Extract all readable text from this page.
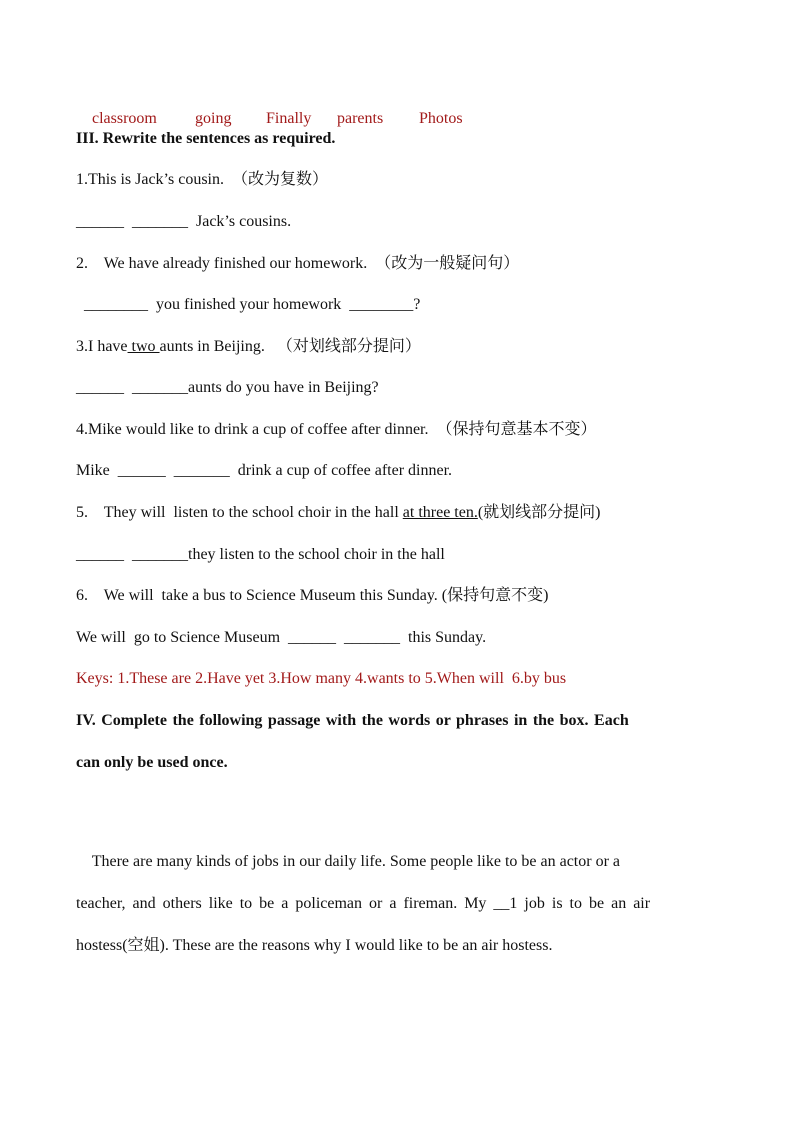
classroom going Finally parents Photos

III. Rewrite the sentences as required.
1.This is Jack’s cousin.  （改为复数）
______  _______  Jack’s cousins.
2.    We have already finished our homework.  （改为一般疑问句）
________  you finished your homework  ________?
3.I have two aunts in Beijing.   （对划线部分提问）
______  _______aunts do you have in Beijing?
4.Mike would like to drink a cup of coffee after dinner.  （保持句意基本不变）
Mike  ______  _______  drink a cup of coffee after dinner.
5.    They will  listen to the school choir in the hall at three ten.(就划线部分提问)
______  _______they listen to the school choir in the hall
6.    We will  take a bus to Science Museum this Sunday. (保持句意不变)
We will  go to Science Museum  ______  _______  this Sunday.
Keys: 1.These are 2.Have yet 3.How many 4.wants to 5.When will  6.by bus
IV. Complete the following passage with the words or phrases in the box. Each
can only be used once.
There are many kinds of jobs in our daily life. Some people like to be an actor or a
teacher, and others like to be a policeman or a fireman. My __1 job is to be an air
hostess(空姐). These are the reasons why I would like to be an air hostess.
